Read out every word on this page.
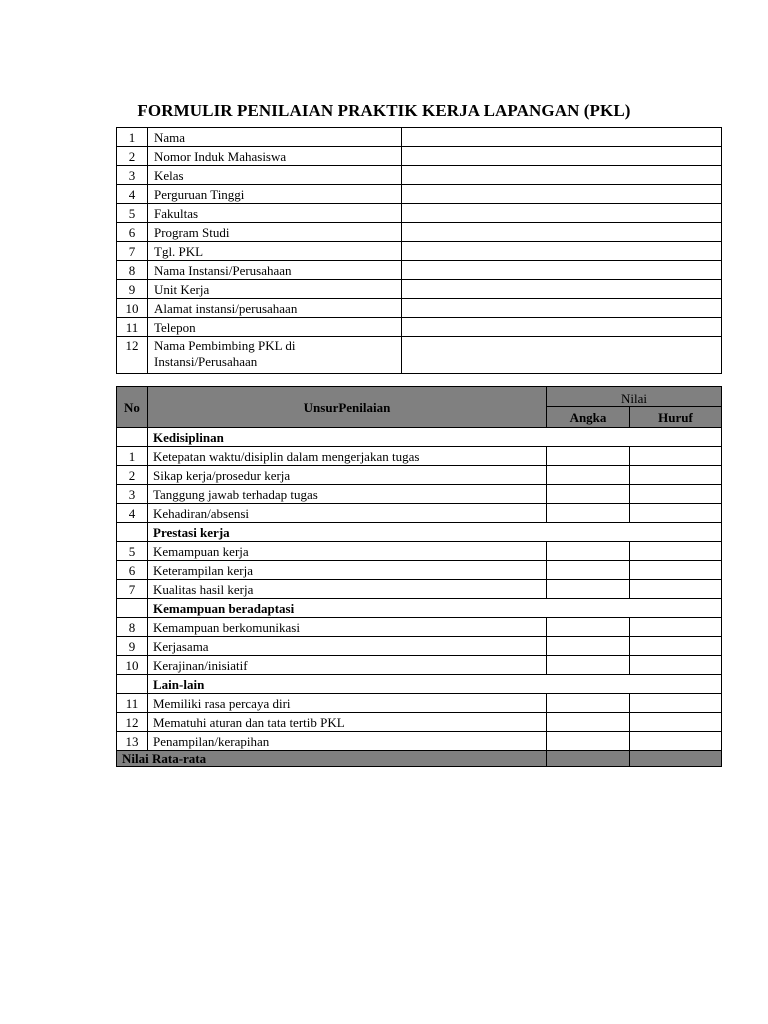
FORMULIR PENILAIAN PRAKTIK KERJA LAPANGAN (PKL)
1	Nama	
2	Nomor Induk Mahasiswa	
3	Kelas	
4	Perguruan Tinggi	
5	Fakultas	
6	Program Studi	
7	Tgl. PKL	
8	Nama Instansi/Perusahaan	
9	Unit Kerja	
10	Alamat instansi/perusahaan	
11	Telepon	
12	Nama Pembimbing PKL di Instansi/Perusahaan	
No	UnsurPenilaian	Nilai	
		Angka	Huruf
	Kedisiplinan		
1	Ketepatan waktu/disiplin dalam mengerjakan tugas		
2	Sikap kerja/prosedur kerja		
3	Tanggung jawab terhadap tugas		
4	Kehadiran/absensi		
	Prestasi kerja		
5	Kemampuan kerja		
6	Keterampilan kerja		
7	Kualitas hasil kerja		
	Kemampuan beradaptasi		
8	Kemampuan berkomunikasi		
9	Kerjasama		
10	Kerajinan/inisiatif		
	Lain-lain		
11	Memiliki rasa percaya diri		
12	Mematuhi aturan dan tata tertib PKL		
13	Penampilan/kerapihan		
Nilai Rata-rata			
